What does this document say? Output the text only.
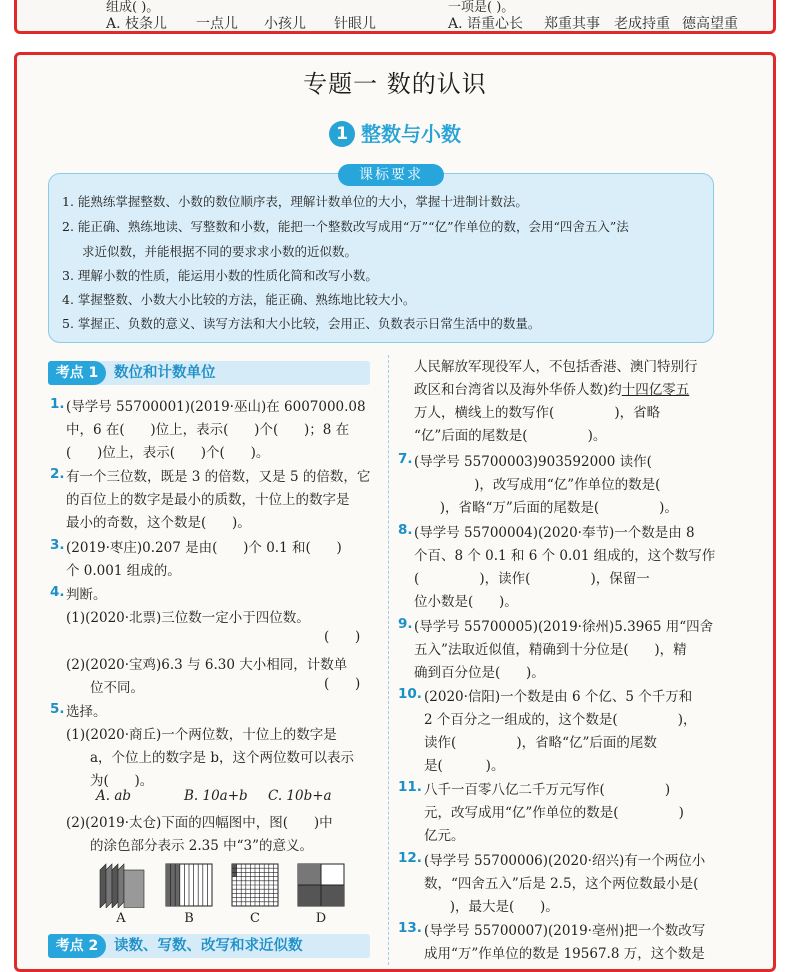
组成( )。
A. 枝条儿 一点儿 小孩儿 针眼儿
一项是( )。
A. 语重心长 郑重其事 老成持重 德高望重
专题一 数的认识
1 整数与小数
课标要求
1. 能熟练掌握整数、小数的数位顺序表，理解计数单位的大小，掌握十进制计数法。
2. 能正确、熟练地读、写整数和小数，能把一个整数改写成用“万”“亿”作单位的数，会用“四舍五入”法
求近似数，并能根据不同的要求求小数的近似数。
3. 理解小数的性质，能运用小数的性质化简和改写小数。
4. 掌握整数、小数大小比较的方法，能正确、熟练地比较大小。
5. 掌握正、负数的意义、读写方法和大小比较，会用正、负数表示日常生活中的数量。
考点 1	数位和计数单位
1. (导学号 55700001)(2019·巫山)在 6007000.08
中，6 在(      )位上，表示(      )个(      )；8 在
(      )位上，表示(      )个(      )。
2. 有一个三位数，既是 3 的倍数，又是 5 的倍数，它
的百位上的数字是最小的质数，十位上的数字是
最小的奇数，这个数是(      )。
3. (2019·枣庄)0.207 是由(      )个 0.1 和(      )
个 0.001 组成的。
4. 判断。
(1)(2020·北票)三位数一定小于四位数。
(      )
(2)(2020·宝鸡)6.3 与 6.30 大小相同，计数单
位不同。	(      )
5. 选择。
(1)(2020·商丘)一个两位数，十位上的数字是
a，个位上的数字是 b，这个两位数可以表示
为(      )。
A. ab	B. 10a+b C. 10b+a
(2)(2019·太仓)下面的四幅图中，图(      )中
的涂色部分表示 2.35 中“3”的意义。
A	B	C	D
考点 2	读数、写数、改写和求近似数
人民解放军现役军人，不包括香港、澳门特别行
政区和台湾省以及海外华侨人数)约十四亿零五
万人，横线上的数写作(              )，省略
“亿”后面的尾数是(              )。
7. (导学号 55700003)903592000 读作(
)，改写成用“亿”作单位的数是(
)，省略“万”后面的尾数是(              )。
8. (导学号 55700004)(2020·奉节)一个数是由 8
个百、8 个 0.1 和 6 个 0.01 组成的，这个数写作
(              )，读作(              )，保留一
位小数是(      )。
9. (导学号 55700005)(2019·徐州)5.3965 用“四舍
五入”法取近似值，精确到十分位是(      )，精
确到百分位是(      )。
10. (2020·信阳)一个数是由 6 个亿、5 个千万和
2 个百分之一组成的，这个数是(              )，
读作(              )，省略“亿”后面的尾数
是(          )。
11. 八千一百零八亿二千万元写作(              )
元，改写成用“亿”作单位的数是(              )
亿元。
12. (导学号 55700006)(2020·绍兴)有一个两位小
数，“四舍五入”后是 2.5，这个两位数最小是(
)，最大是(      )。
13. (导学号 55700007)(2019·亳州)把一个数改写
成用“万”作单位的数是 19567.8 万，这个数是
